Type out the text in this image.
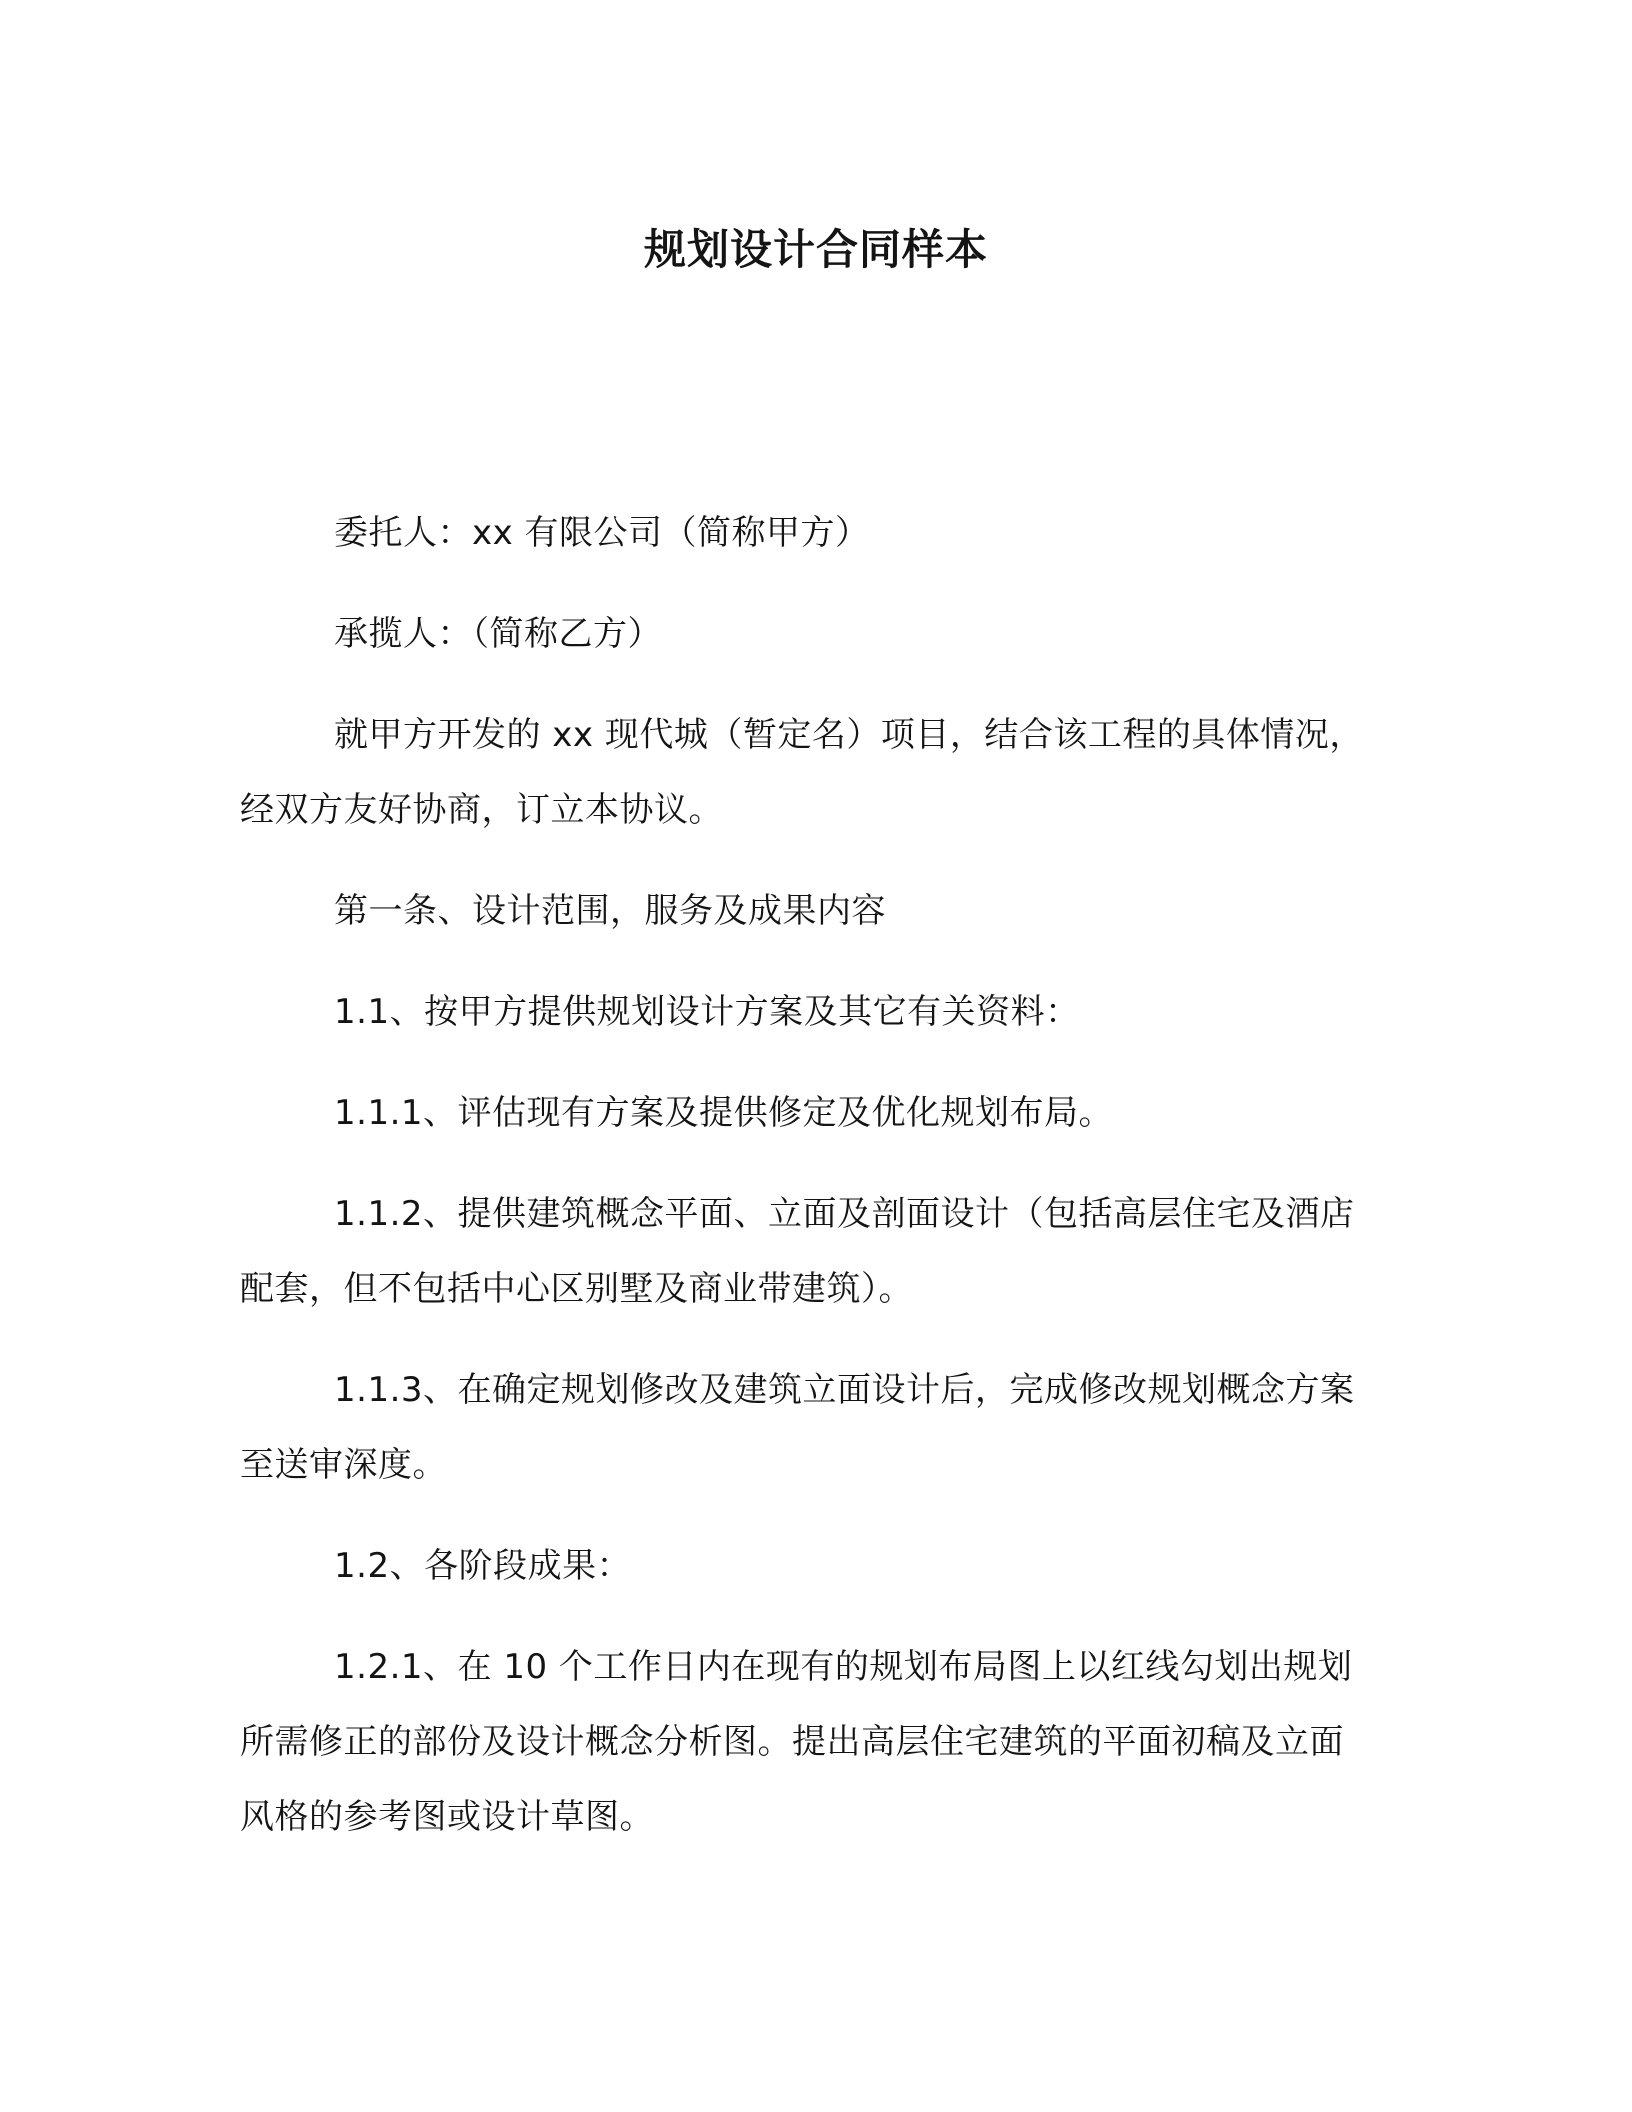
规划设计合同样本

委托人：xx 有限公司（简称甲方）

承揽人：（简称乙方）

就甲方开发的 xx 现代城（暂定名）项目，结合该工程的具体情况，经双方友好协商，订立本协议。

第一条、设计范围，服务及成果内容

1.1、按甲方提供规划设计方案及其它有关资料：

1.1.1、评估现有方案及提供修定及优化规划布局。

1.1.2、提供建筑概念平面、立面及剖面设计（包括高层住宅及酒店配套，但不包括中心区别墅及商业带建筑）。

1.1.3、在确定规划修改及建筑立面设计后，完成修改规划概念方案至送审深度。

1.2、各阶段成果：

1.2.1、在 10 个工作日内在现有的规划布局图上以红线勾划出规划所需修正的部份及设计概念分析图。提出高层住宅建筑的平面初稿及立面风格的参考图或设计草图。
